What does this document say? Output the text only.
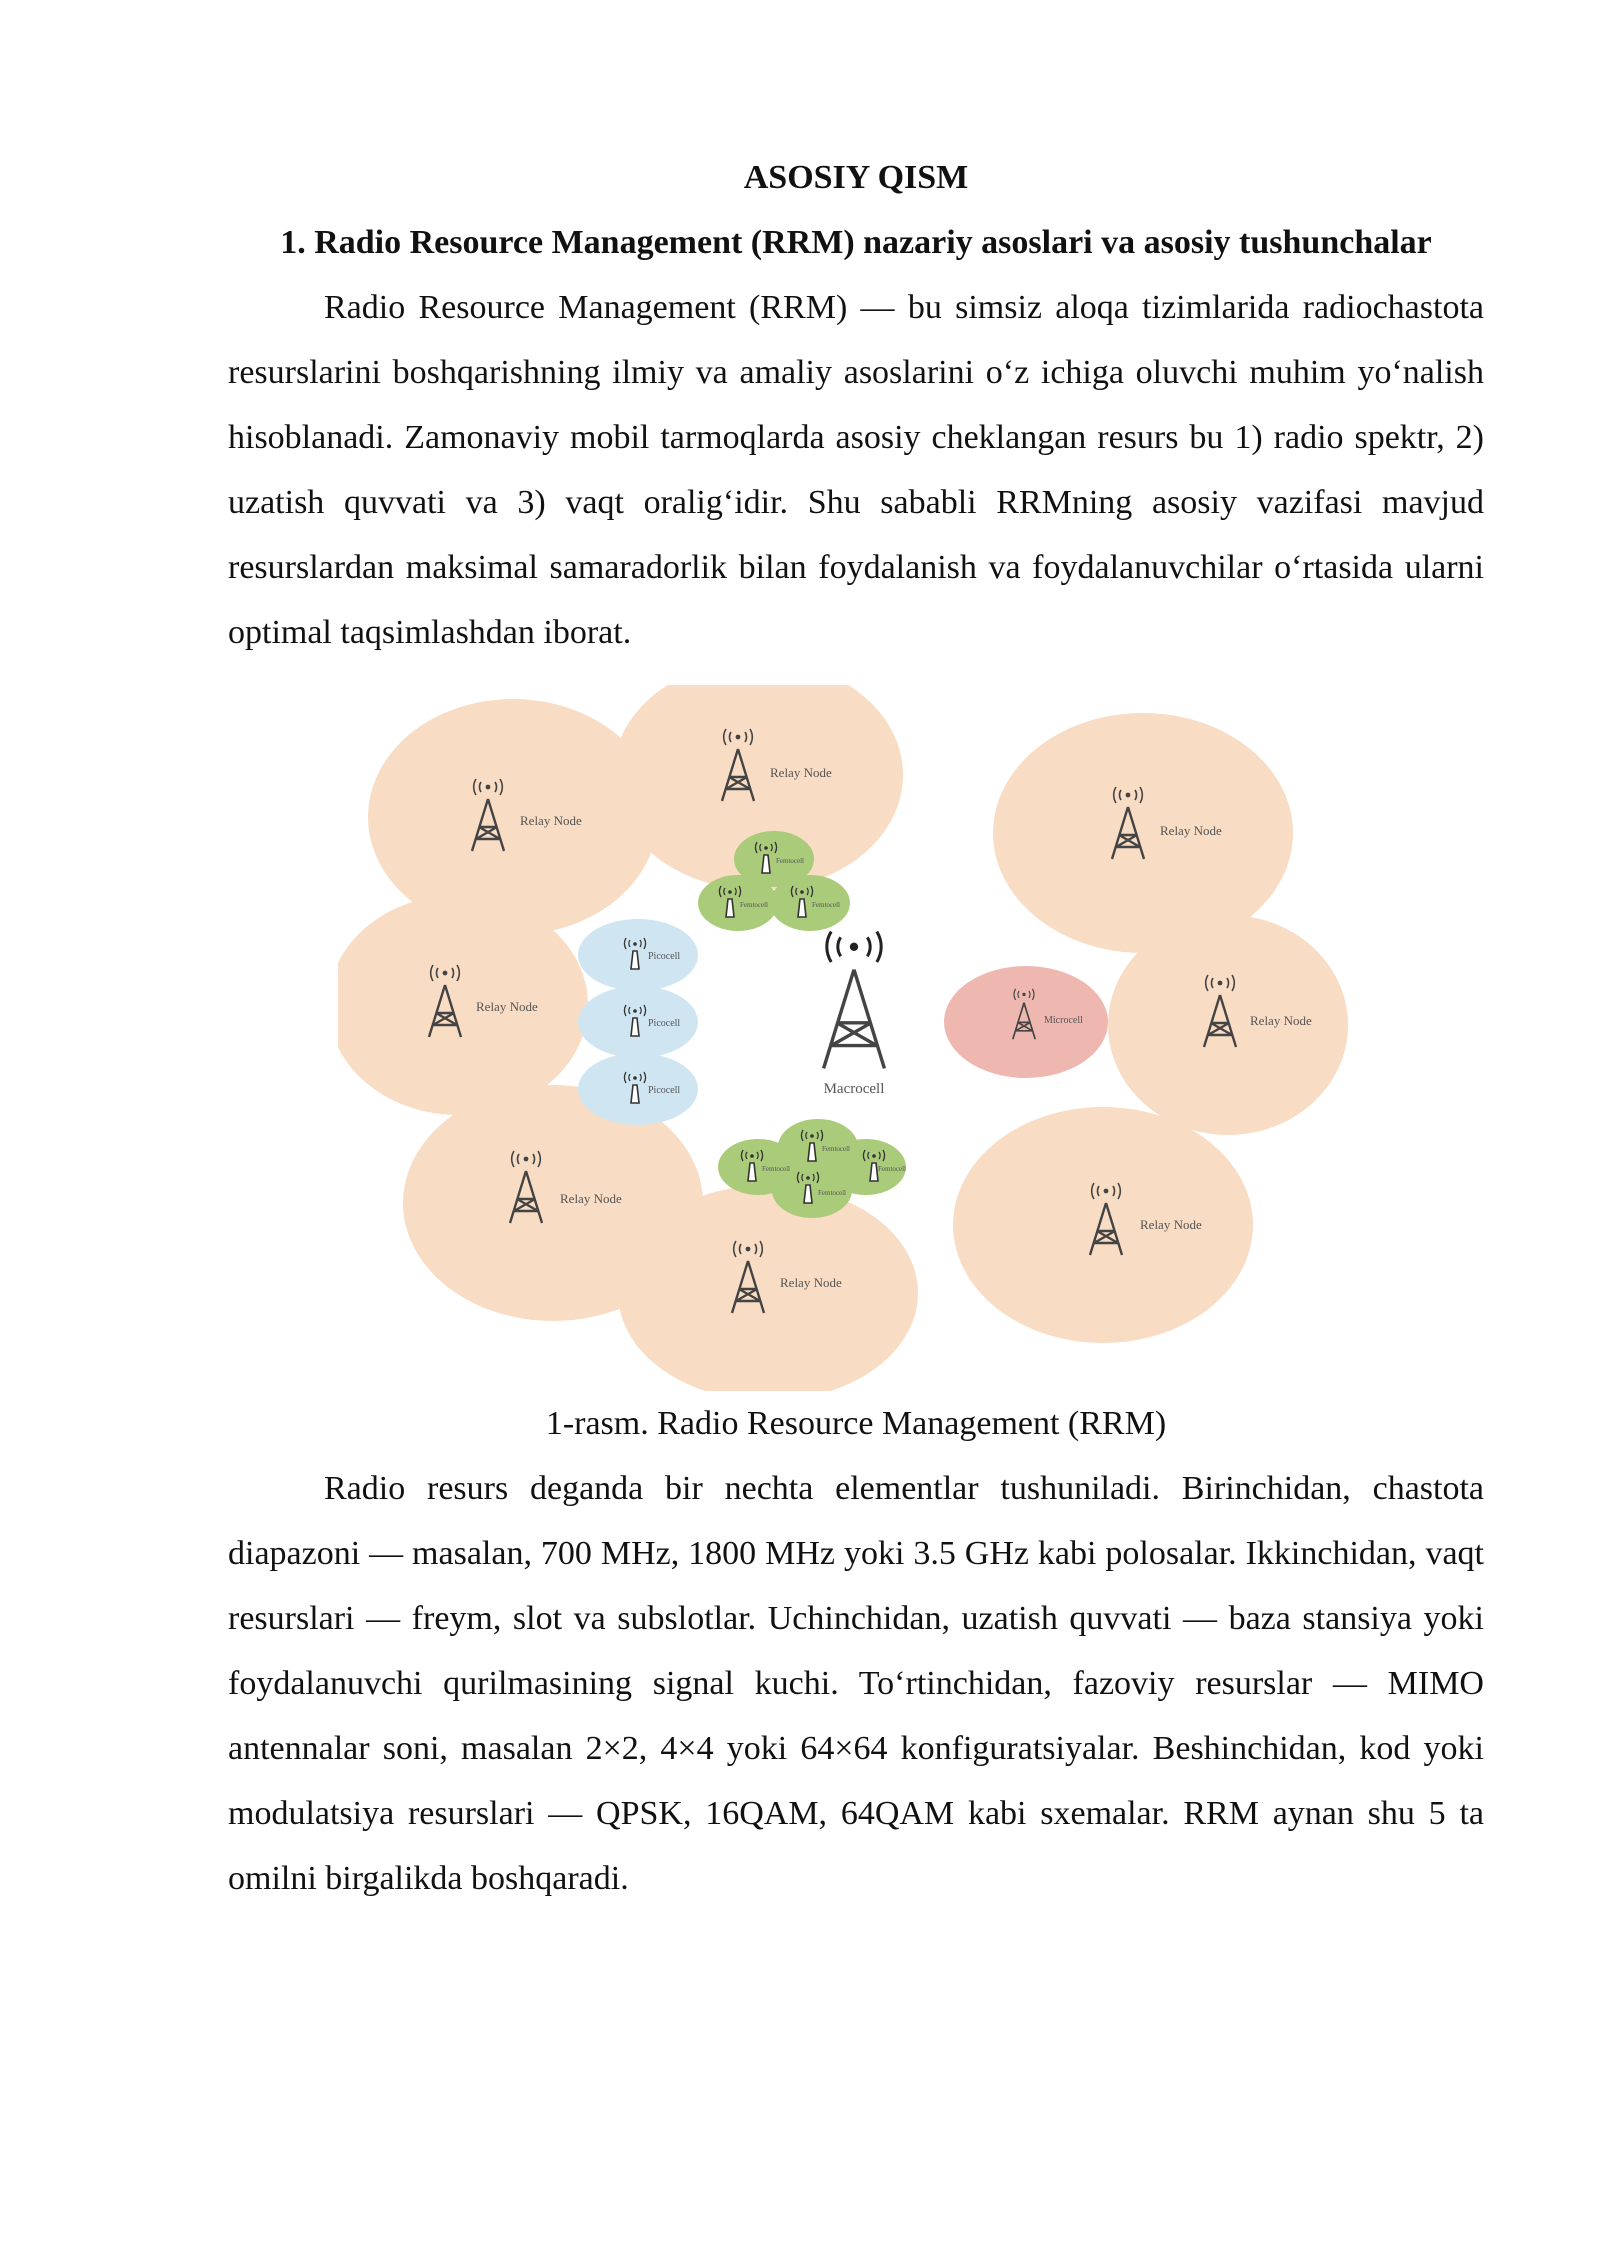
ASOSIY QISM

1. Radio Resource Management (RRM) nazariy asoslari va asosiy tushunchalar

Radio Resource Management (RRM) — bu simsiz aloqa tizimlarida radiochastota resurslarini boshqarishning ilmiy va amaliy asoslarini o‘z ichiga oluvchi muhim yo‘nalish hisoblanadi. Zamonaviy mobil tarmoqlarda asosiy cheklangan resurs bu 1) radio spektr, 2) uzatish quvvati va 3) vaqt oralig‘idir. Shu sababli RRMning asosiy vazifasi mavjud resurslardan maksimal samaradorlik bilan foydalanish va foydalanuvchilar o‘rtasida ularni optimal taqsimlashdan iborat.

Relay Node
Relay Node
Relay Node
Relay Node
Relay Node
Relay Node
Relay Node
Relay Node
Microcell
Picocell
Picocell
Picocell
Femtocell
Femtocell	Femtocell
Femtocell
Femtocell	Femtocell
Femtocell
Macrocell

1-rasm. Radio Resource Management (RRM)

Radio resurs deganda bir nechta elementlar tushuniladi. Birinchidan, chastota diapazoni — masalan, 700 MHz, 1800 MHz yoki 3.5 GHz kabi polosalar. Ikkinchidan, vaqt resurslari — freym, slot va subslotlar. Uchinchidan, uzatish quvvati — baza stansiya yoki foydalanuvchi qurilmasining signal kuchi. To‘rtinchidan, fazoviy resurslar — MIMO antennalar soni, masalan 2×2, 4×4 yoki 64×64 konfiguratsiyalar. Beshinchidan, kod yoki modulatsiya resurslari — QPSK, 16QAM, 64QAM kabi sxemalar. RRM aynan shu 5 ta omilni birgalikda boshqaradi.
